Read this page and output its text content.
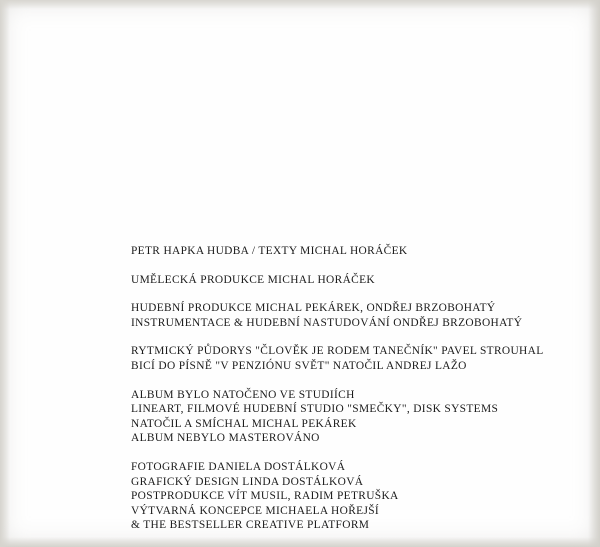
PETR HAPKA HUDBA / TEXTY MICHAL HORÁČEK
UMĚLECKÁ PRODUKCE MICHAL HORÁČEK
HUDEBNÍ PRODUKCE MICHAL PEKÁREK, ONDŘEJ BRZOBOHATÝ
INSTRUMENTACE & HUDEBNÍ NASTUDOVÁNÍ ONDŘEJ BRZOBOHATÝ
RYTMICKÝ PŮDORYS "ČLOVĚK JE RODEM TANEČNÍK" PAVEL STROUHAL
BICÍ DO PÍSNĚ "V PENZIÓNU SVĚT" NATOČIL ANDREJ LAŽO
ALBUM BYLO NATOČENO VE STUDIÍCH
LINEART, FILMOVÉ HUDEBNÍ STUDIO "SMEČKY", DISK SYSTEMS
NATOČIL A SMÍCHAL MICHAL PEKÁREK
ALBUM NEBYLO MASTEROVÁNO
FOTOGRAFIE DANIELA DOSTÁLKOVÁ
GRAFICKÝ DESIGN LINDA DOSTÁLKOVÁ
POSTPRODUKCE VÍT MUSIL, RADIM PETRUŠKA
VÝTVARNÁ KONCEPCE MICHAELA HOŘEJŠÍ
& THE BESTSELLER CREATIVE PLATFORM
